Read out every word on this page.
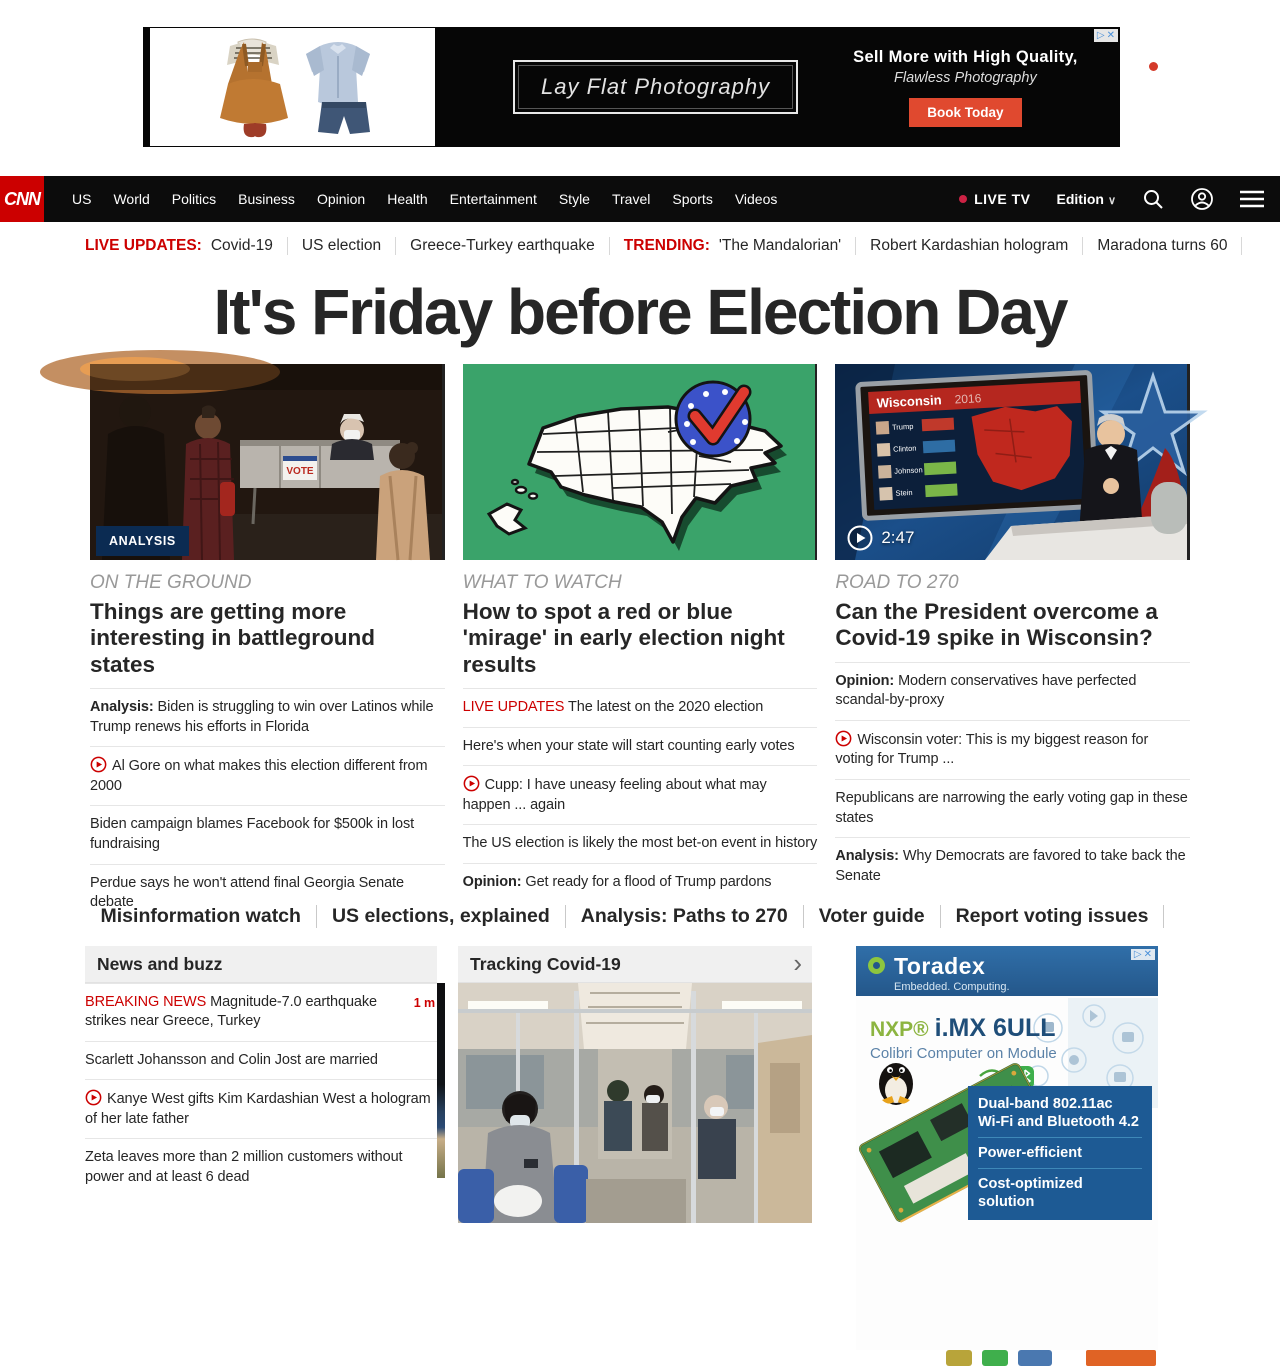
Lay Flat Photography
Sell More with High Quality,
Flawless Photography
Book Today
zeelum
▷ ✕
CNN US World Politics Business Opinion Health Entertainment Style Travel Sports Videos	LIVE TV Edition ∨
LIVE UPDATES: Covid-19	US election	Greece-Turkey earthquake	TRENDING: 'The Mandalorian'	Robert Kardashian hologram	Maradona turns 60
It's Friday before Election Day
VOTE
ANALYSIS
ON THE GROUND
Things are getting more interesting in battleground states
Analysis: Biden is struggling to win over Latinos while Trump renews his efforts in Florida
Al Gore on what makes this election different from 2000
Biden campaign blames Facebook for $500k in lost fundraising
Perdue says he won't attend final Georgia Senate debate
WHAT TO WATCH
How to spot a red or blue 'mirage' in early election night results
LIVE UPDATES The latest on the 2020 election
Here's when your state will start counting early votes
Cupp: I have uneasy feeling about what may happen ... again
The US election is likely the most bet-on event in history
Opinion: Get ready for a flood of Trump pardons
Wisconsin 2016
Trump
Clinton
Johnson
Stein
2:47
ROAD TO 270
Can the President overcome a Covid-19 spike in Wisconsin?
Opinion: Modern conservatives have perfected scandal-by-proxy
Wisconsin voter: This is my biggest reason for voting for Trump ...
Republicans are narrowing the early voting gap in these states
Analysis: Why Democrats are favored to take back the Senate
Misinformation watch	US elections, explained	Analysis: Paths to 270	Voter guide	Report voting issues
News and buzz
BREAKING NEWS Magnitude-7.0 earthquake strikes near Greece, Turkey
1 m
Scarlett Johansson and Colin Jost are married
Kanye West gifts Kim Kardashian West a hologram of her late father
Zeta leaves more than 2 million customers without power and at least 6 dead
Tracking Covid-19	›	Toradex
Embedded. Computing.
▷ ✕
NXP® i.MX 6ULL
Colibri Computer on Module
Dual-band 802.11ac
Wi-Fi and Bluetooth 4.2
Power-efficient
Cost-optimized solution
